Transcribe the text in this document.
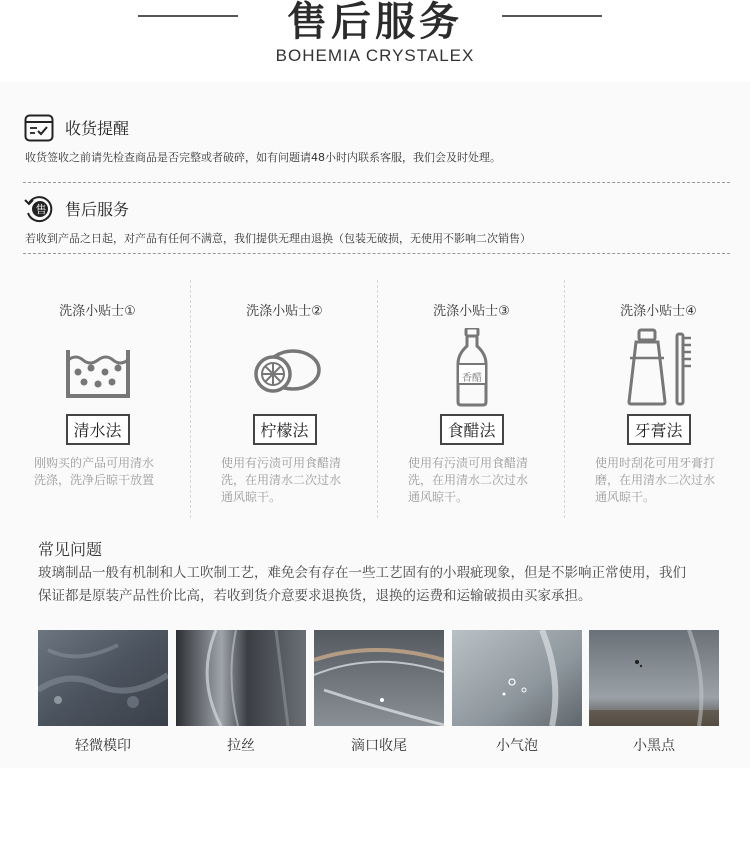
售后服务
BOHEMIA CRYSTALEX
收货提醒
收货签收之前请先检查商品是否完整或者破碎，如有问题请48小时内联系客服，我们会及时处理。
售 售后服务
若收到产品之日起，对产品有任何不满意，我们提供无理由退换（包装无破损，无使用不影响二次销售）
洗涤小贴士①
清水法
刚购买的产品可用清水
洗涤，洗净后晾干放置
洗涤小贴士②
柠檬法
使用有污渍可用食醋清
洗，在用清水二次过水
通风晾干。
洗涤小贴士③
香醋
食醋法
使用有污渍可用食醋清
洗，在用清水二次过水
通风晾干。
洗涤小贴士④
牙膏法
使用时刮花可用牙膏打
磨，在用清水二次过水
通风晾干。
常见问题
玻璃制品一般有机制和人工吹制工艺，难免会有存在一些工艺固有的小瑕疵现象，但是不影响正常使用，我们
保证都是原装产品性价比高，若收到货介意要求退换货，退换的运费和运输破损由买家承担。
轻微模印	拉丝	滴口收尾	小气泡	小黑点
